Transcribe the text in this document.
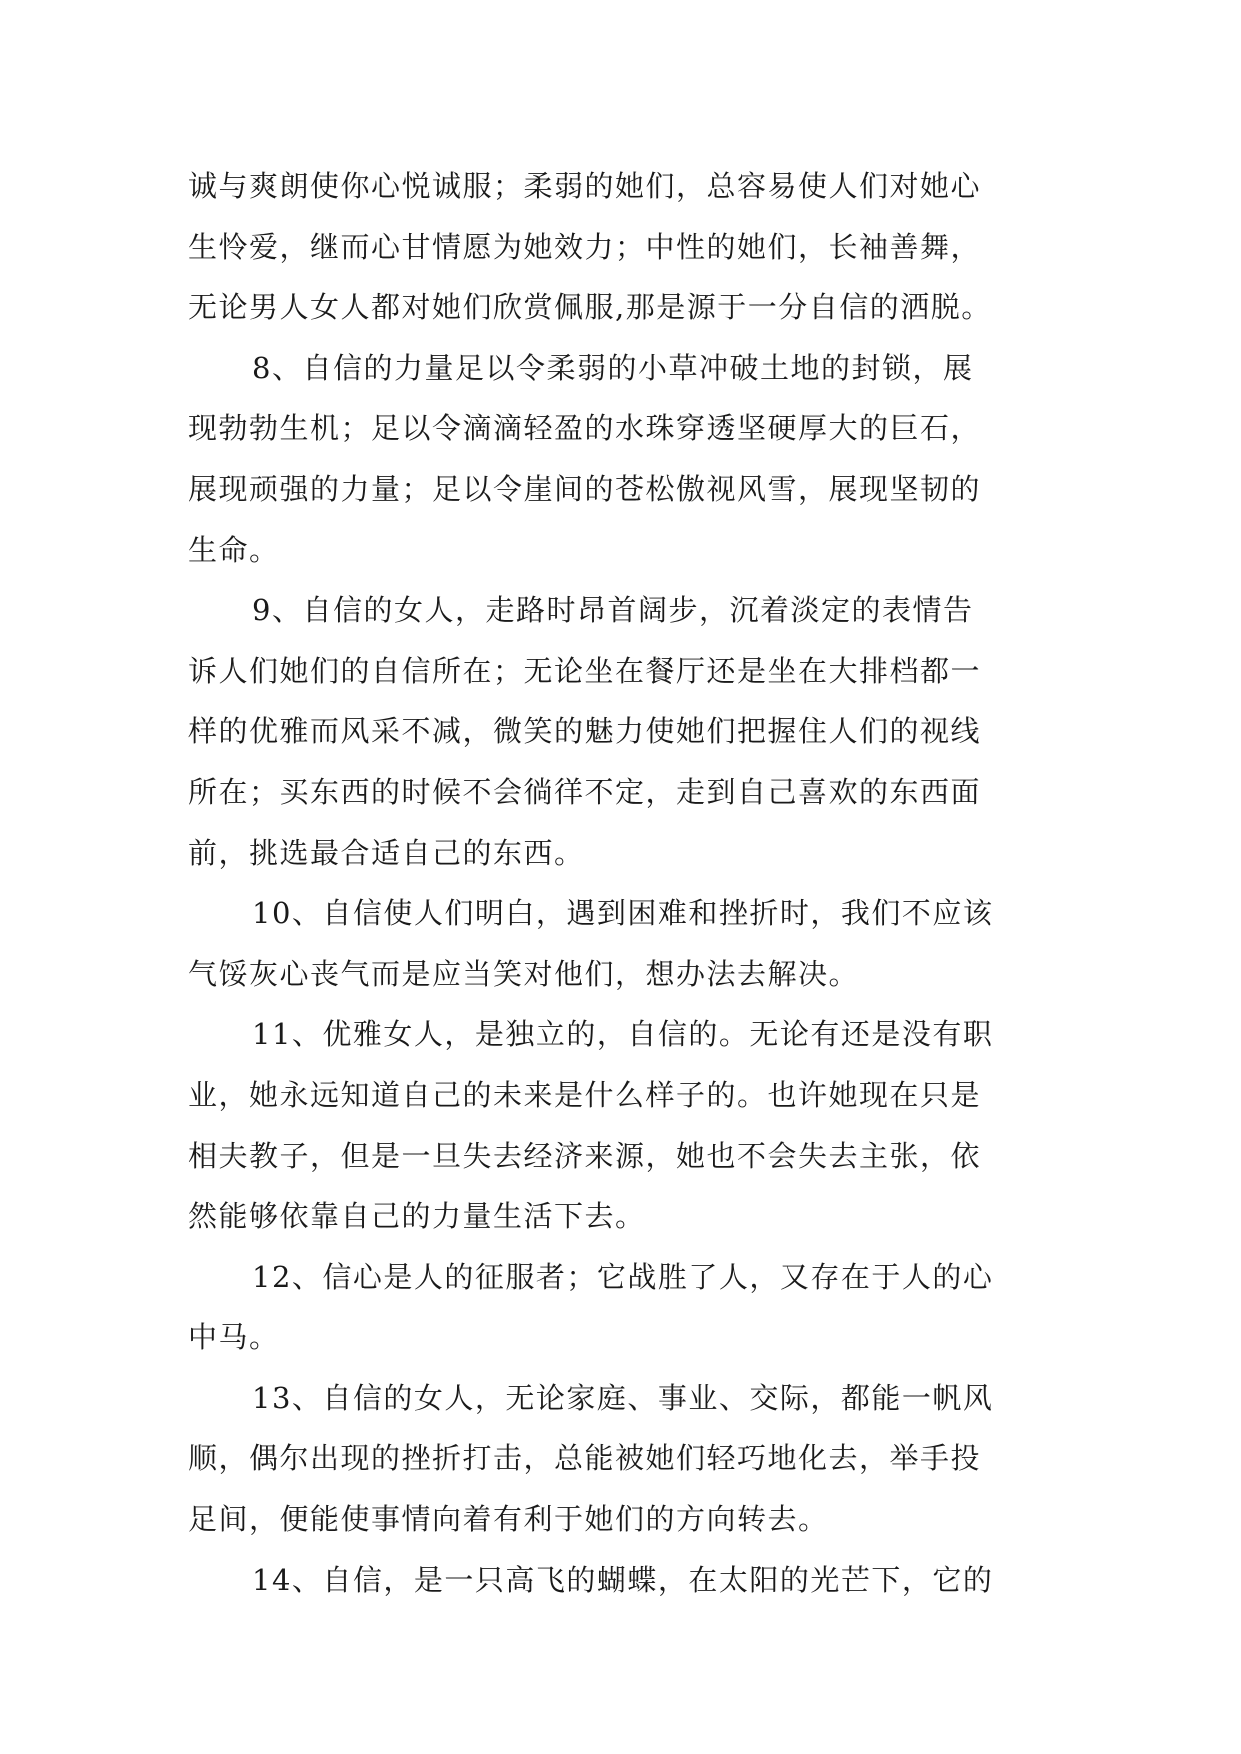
诚与爽朗使你心悦诚服；柔弱的她们，总容易使人们对她心
生怜爱，继而心甘情愿为她效力；中性的她们，长袖善舞，
无论男人女人都对她们欣赏佩服,那是源于一分自信的洒脱。
8、自信的力量足以令柔弱的小草冲破土地的封锁，展
现勃勃生机；足以令滴滴轻盈的水珠穿透坚硬厚大的巨石，
展现顽强的力量；足以令崖间的苍松傲视风雪，展现坚韧的
生命。
9、自信的女人，走路时昂首阔步，沉着淡定的表情告
诉人们她们的自信所在；无论坐在餐厅还是坐在大排档都一
样的优雅而风采不减，微笑的魅力使她们把握住人们的视线
所在；买东西的时候不会徜徉不定，走到自己喜欢的东西面
前，挑选最合适自己的东西。
10、自信使人们明白，遇到困难和挫折时，我们不应该
气馁灰心丧气而是应当笑对他们，想办法去解决。
11、优雅女人，是独立的，自信的。无论有还是没有职
业，她永远知道自己的未来是什么样子的。也许她现在只是
相夫教子，但是一旦失去经济来源，她也不会失去主张，依
然能够依靠自己的力量生活下去。
12、信心是人的征服者；它战胜了人，又存在于人的心
中马。
13、自信的女人，无论家庭、事业、交际，都能一帆风
顺，偶尔出现的挫折打击，总能被她们轻巧地化去，举手投
足间，便能使事情向着有利于她们的方向转去。
14、自信，是一只高飞的蝴蝶，在太阳的光芒下，它的
